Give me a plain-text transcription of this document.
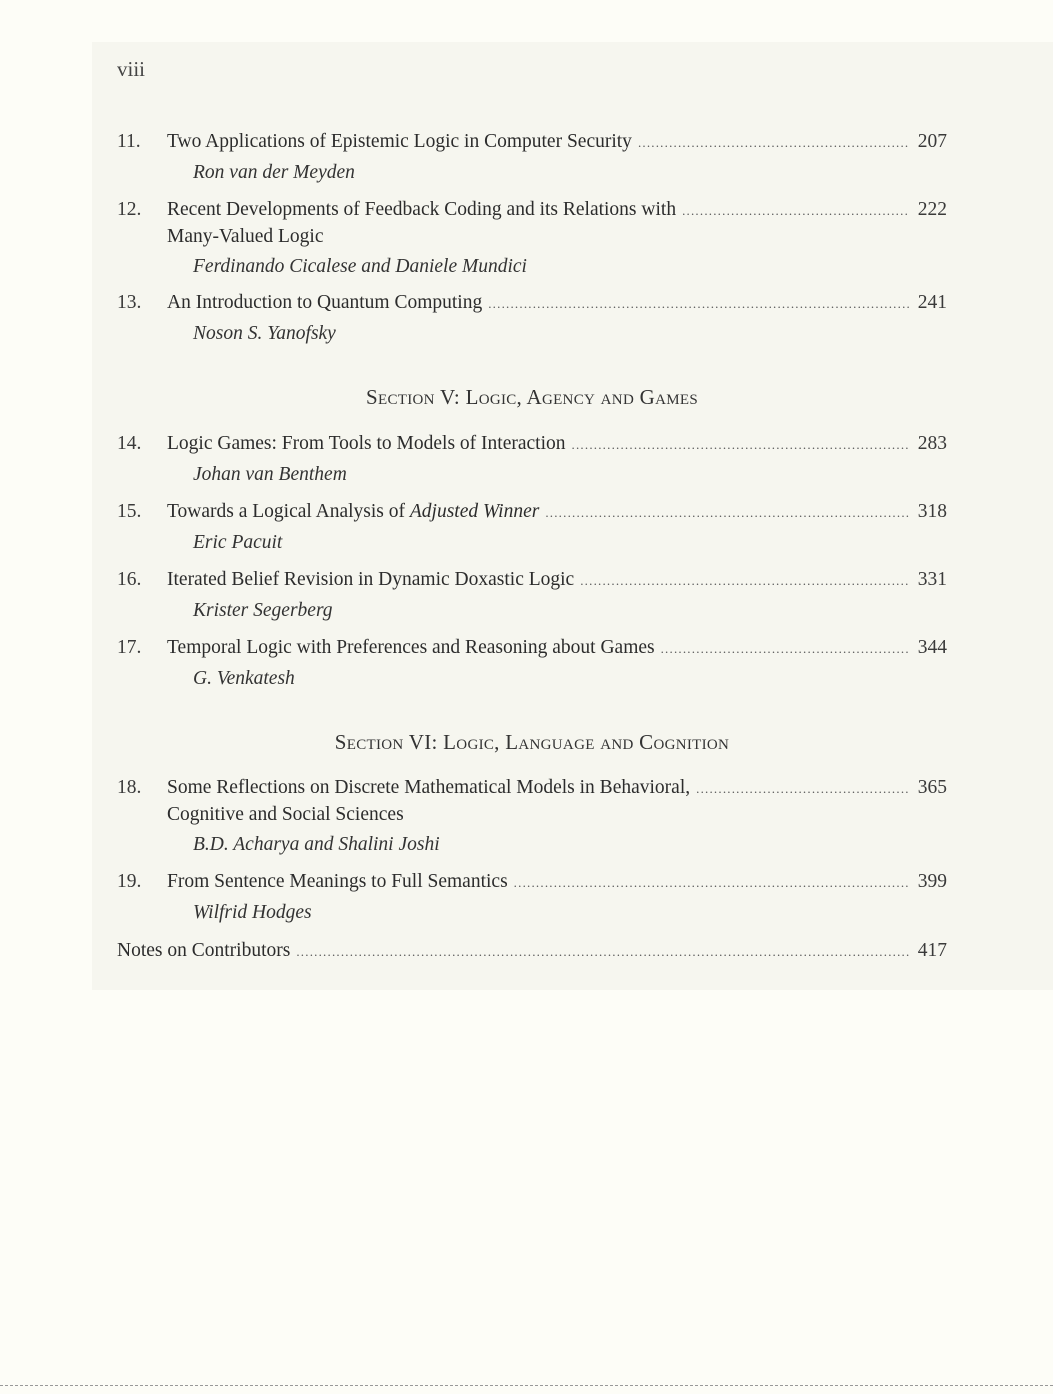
viii
11.	Two Applications of Epistemic Logic in Computer Security .....	207
Ron van der Meyden
12.	Recent Developments of Feedback Coding and its Relations with .....	222
Many-Valued Logic
Ferdinando Cicalese and Daniele Mundici
13.	An Introduction to Quantum Computing .....	241
Noson S. Yanofsky
Section V: Logic, Agency and Games
14.	Logic Games: From Tools to Models of Interaction .....	283
Johan van Benthem
15.	Towards a Logical Analysis of Adjusted Winner .....	318
Eric Pacuit
16.	Iterated Belief Revision in Dynamic Doxastic Logic .....	331
Krister Segerberg
17.	Temporal Logic with Preferences and Reasoning about Games .....	344
G. Venkatesh
Section VI: Logic, Language and Cognition
18.	Some Reflections on Discrete Mathematical Models in Behavioral, .....	365
Cognitive and Social Sciences
B.D. Acharya and Shalini Joshi
19.	From Sentence Meanings to Full Semantics .....	399
Wilfrid Hodges
Notes on Contributors .....	417
